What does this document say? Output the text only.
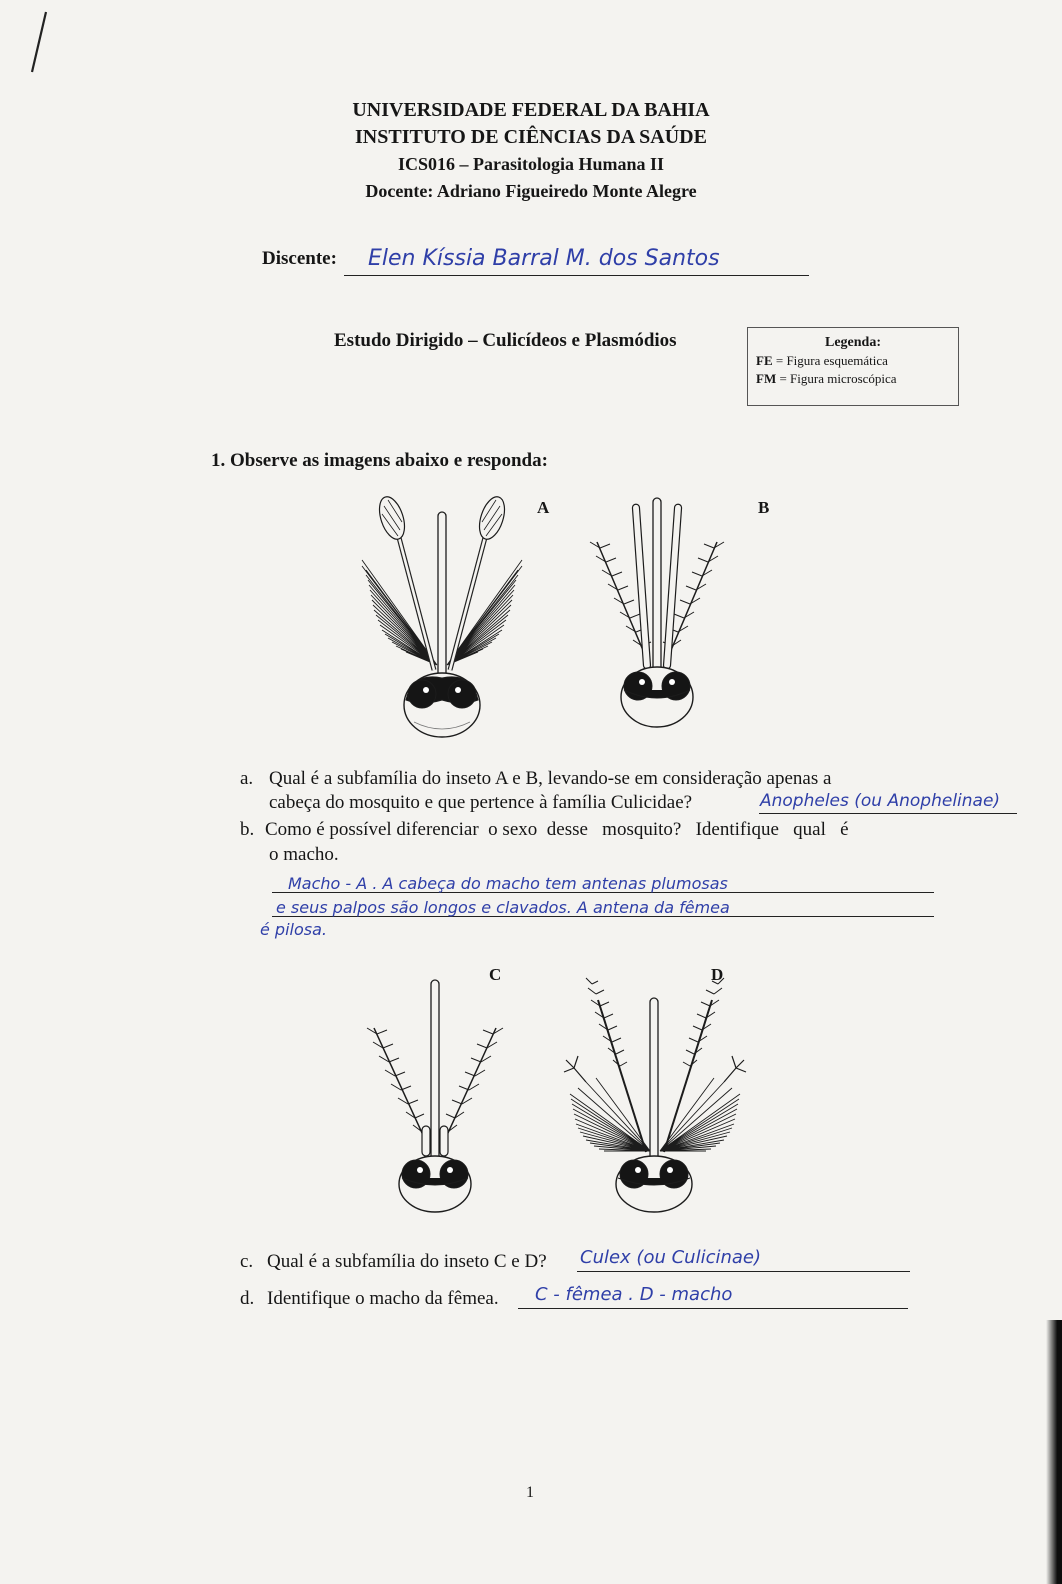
UNIVERSIDADE FEDERAL DA BAHIA
INSTITUTO DE CIÊNCIAS DA SAÚDE
ICS016 – Parasitologia Humana II
Docente: Adriano Figueiredo Monte Alegre
Discente: Elen Kíssia Barral M. dos Santos
Estudo Dirigido – Culicídeos e Plasmódios	Legenda:
FE = Figura esquemática
FM = Figura microscópica
1. Observe as imagens abaixo e responda:
A	B
C	D
a. Qual é a subfamília do inseto A e B, levando-se em consideração apenas a
cabeça do mosquito e que pertence à família Culicidae?	Anopheles (ou Anophelinae)
b. Como é possível diferenciar  o sexo  desse   mosquito?   Identifique   qual   é
o macho.
Macho - A . A cabeça do macho tem antenas plumosas
e seus palpos são longos e clavados. A antena da fêmea
é pilosa.
c. Qual é a subfamília do inseto C e D? Culex (ou Culicinae)
d. Identifique o macho da fêmea. C - fêmea . D - macho
1
